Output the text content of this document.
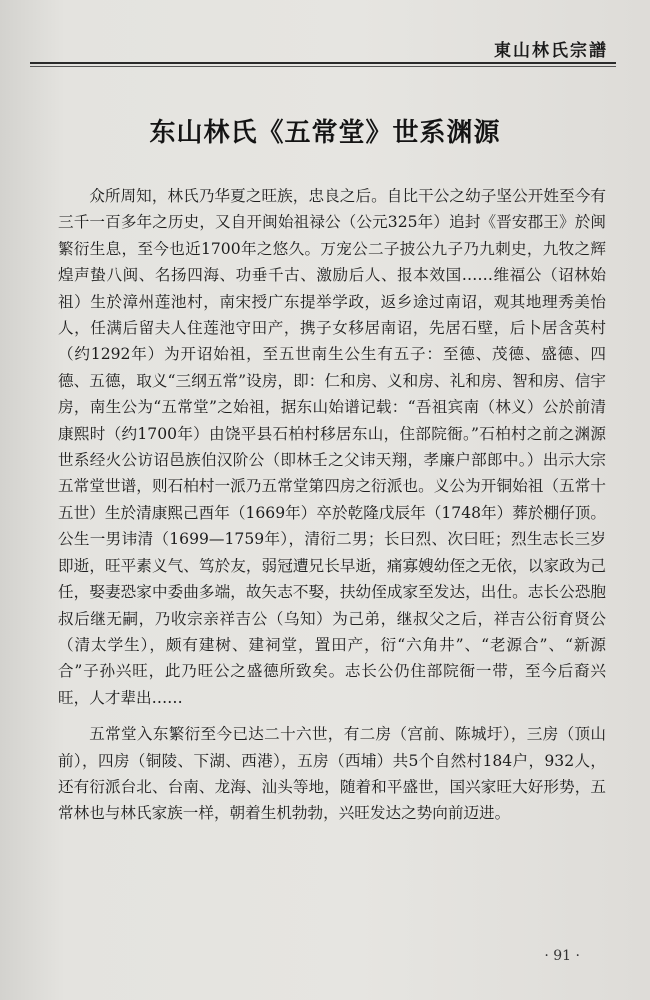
東山林氏宗譜
东山林氏《五常堂》世系渊源

众所周知，林氏乃华夏之旺族，忠良之后。自比干公之幼子坚公开姓至今有三千一百多年之历史，又自开闽始祖禄公（公元325年）追封《晋安郡王》於闽繁衍生息，至今也近1700年之悠久。万宠公二子披公九子乃九刺史，九牧之辉煌声蛰八闽、名扬四海、功垂千古、激励后人、报本效国……维福公（诏林始祖）生於漳州莲池村，南宋授广东提举学政，返乡途过南诏，观其地理秀美怡人，任满后留夫人住莲池守田产，携子女移居南诏，先居石壁，后卜居含英村（约1292年）为开诏始祖，至五世南生公生有五子：至德、茂德、盛德、四德、五德，取义“三纲五常”设房，即：仁和房、义和房、礼和房、智和房、信宇房，南生公为“五常堂”之始祖，据东山始谱记载：“吾祖宾南（林义）公於前清康熙时（约1700年）由饶平县石柏村移居东山，住部院衙。”石柏村之前之渊源世系经火公访诏邑族伯汉阶公（即林壬之父讳天翔，孝廉户部郎中。）出示大宗五常堂世谱，则石柏村一派乃五常堂第四房之衍派也。义公为开铜始祖（五常十五世）生於清康熙己酉年（1669年）卒於乾隆戊辰年（1748年）葬於棚仔顶。公生一男讳清（1699—1759年），清衍二男；长曰烈、次曰旺；烈生志长三岁即逝，旺平素义气、笃於友，弱冠遭兄长早逝，痛寡嫂幼侄之无依，以家政为己任，娶妻恐家中委曲多端，故矢志不娶，扶幼侄成家至发达，出仕。志长公恐胞叔后继无嗣，乃收宗亲祥吉公（乌知）为己弟，继叔父之后，祥吉公衍育贤公（清太学生），颇有建树、建祠堂，置田产，衍“六角井”、“老源合”、“新源合”子孙兴旺，此乃旺公之盛德所致矣。志长公仍住部院衙一带，至今后裔兴旺，人才辈出……

五常堂入东繁衍至今已达二十六世，有二房（宫前、陈城圩），三房（顶山前），四房（铜陵、下湖、西港），五房（西埔）共5个自然村184户，932人，还有衍派台北、台南、龙海、汕头等地，随着和平盛世，国兴家旺大好形势，五常林也与林氏家族一样，朝着生机勃勃，兴旺发达之势向前迈进。

· 91 ·
